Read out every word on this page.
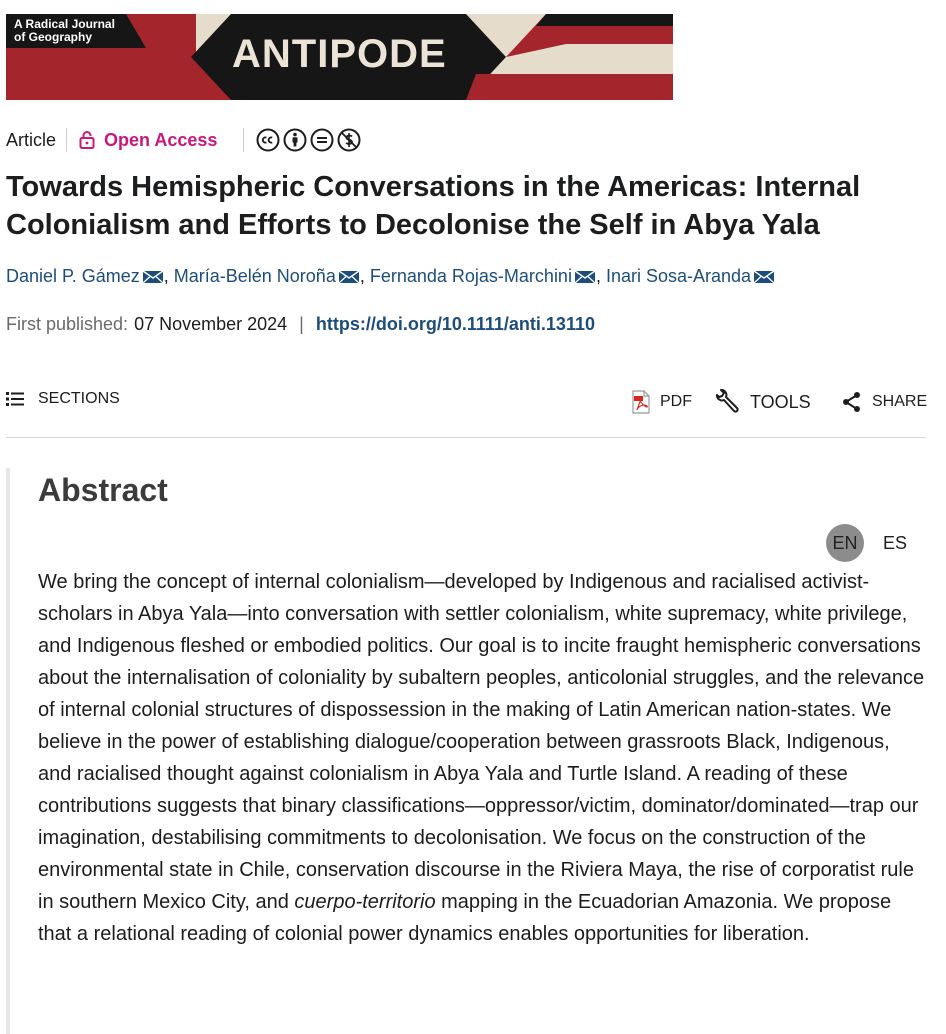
A Radical Journal
of Geography	ANTIPODE
Article	Open Access
Towards Hemispheric Conversations in the Americas: Internal Colonialism and Efforts to Decolonise the Self in Abya Yala
Daniel P. Gámez , María-Belén Noroña , Fernanda Rojas-Marchini , Inari Sosa-Aranda
First published: 07 November 2024 | https://doi.org/10.1111/anti.13110
SECTIONS	PDF	TOOLS	SHARE
Abstract
EN	ES

We bring the concept of internal colonialism—developed by Indigenous and racialised activist-scholars in Abya Yala—into conversation with settler colonialism, white supremacy, white privilege, and Indigenous fleshed or embodied politics. Our goal is to incite fraught hemispheric conversations about the internalisation of coloniality by subaltern peoples, anticolonial struggles, and the relevance of internal colonial structures of dispossession in the making of Latin American nation-states. We believe in the power of establishing dialogue/cooperation between grassroots Black, Indigenous, and racialised thought against colonialism in Abya Yala and Turtle Island. A reading of these contributions suggests that binary classifications—oppressor/victim, dominator/dominated—trap our imagination, destabilising commitments to decolonisation. We focus on the construction of the environmental state in Chile, conservation discourse in the Riviera Maya, the rise of corporatist rule in southern Mexico City, and cuerpo-territorio mapping in the Ecuadorian Amazonia. We propose that a relational reading of colonial power dynamics enables opportunities for liberation.
